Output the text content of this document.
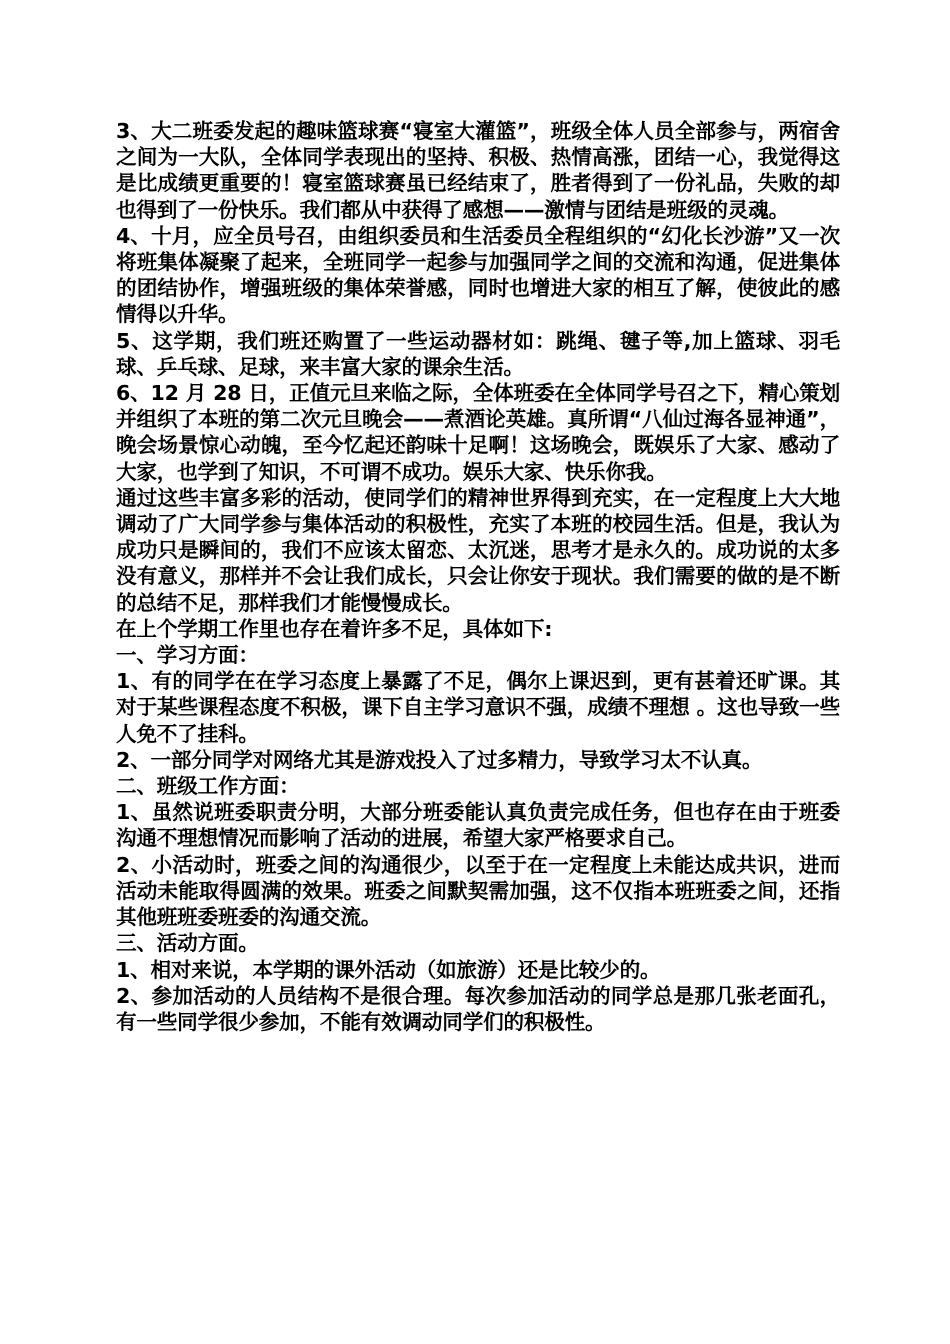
3、大二班委发起的趣味篮球赛“寝室大灌篮”，班级全体人员全部参与，两宿舍之间为一大队，全体同学表现出的坚持、积极、热情高涨，团结一心，我觉得这是比成绩更重要的！寝室篮球赛虽已经结束了，胜者得到了一份礼品，失败的却也得到了一份快乐。我们都从中获得了感想——激情与团结是班级的灵魂。

4、十月，应全员号召，由组织委员和生活委员全程组织的“幻化长沙游”又一次将班集体凝聚了起来，全班同学一起参与加强同学之间的交流和沟通，促进集体的团结协作，增强班级的集体荣誉感，同时也增进大家的相互了解，使彼此的感情得以升华。

5、这学期，我们班还购置了一些运动器材如：跳绳、毽子等,加上篮球、羽毛球、乒乓球、足球，来丰富大家的课余生活。

6、12 月 28 日，正值元旦来临之际，全体班委在全体同学号召之下，精心策划并组织了本班的第二次元旦晚会——煮酒论英雄。真所谓“八仙过海各显神通”，晚会场景惊心动魄，至今忆起还韵味十足啊！这场晚会，既娱乐了大家、感动了大家，也学到了知识，不可谓不成功。娱乐大家、快乐你我。

通过这些丰富多彩的活动，使同学们的精神世界得到充实，在一定程度上大大地调动了广大同学参与集体活动的积极性，充实了本班的校园生活。但是，我认为成功只是瞬间的，我们不应该太留恋、太沉迷，思考才是永久的。成功说的太多没有意义，那样并不会让我们成长，只会让你安于现状。我们需要的做的是不断的总结不足，那样我们才能慢慢成长。

在上个学期工作里也存在着许多不足，具体如下:

一、学习方面：

1、有的同学在在学习态度上暴露了不足，偶尔上课迟到，更有甚着还旷课。其对于某些课程态度不积极，课下自主学习意识不强，成绩不理想 。这也导致一些人免不了挂科。

2、一部分同学对网络尤其是游戏投入了过多精力，导致学习太不认真。

二、班级工作方面：

1、虽然说班委职责分明，大部分班委能认真负责完成任务，但也存在由于班委沟通不理想情况而影响了活动的进展，希望大家严格要求自己。

2、小活动时，班委之间的沟通很少，以至于在一定程度上未能达成共识，进而活动未能取得圆满的效果。班委之间默契需加强，这不仅指本班班委之间，还指其他班班委班委的沟通交流。

三、活动方面。

1、相对来说，本学期的课外活动（如旅游）还是比较少的。

2、参加活动的人员结构不是很合理。每次参加活动的同学总是那几张老面孔，有一些同学很少参加，不能有效调动同学们的积极性。
